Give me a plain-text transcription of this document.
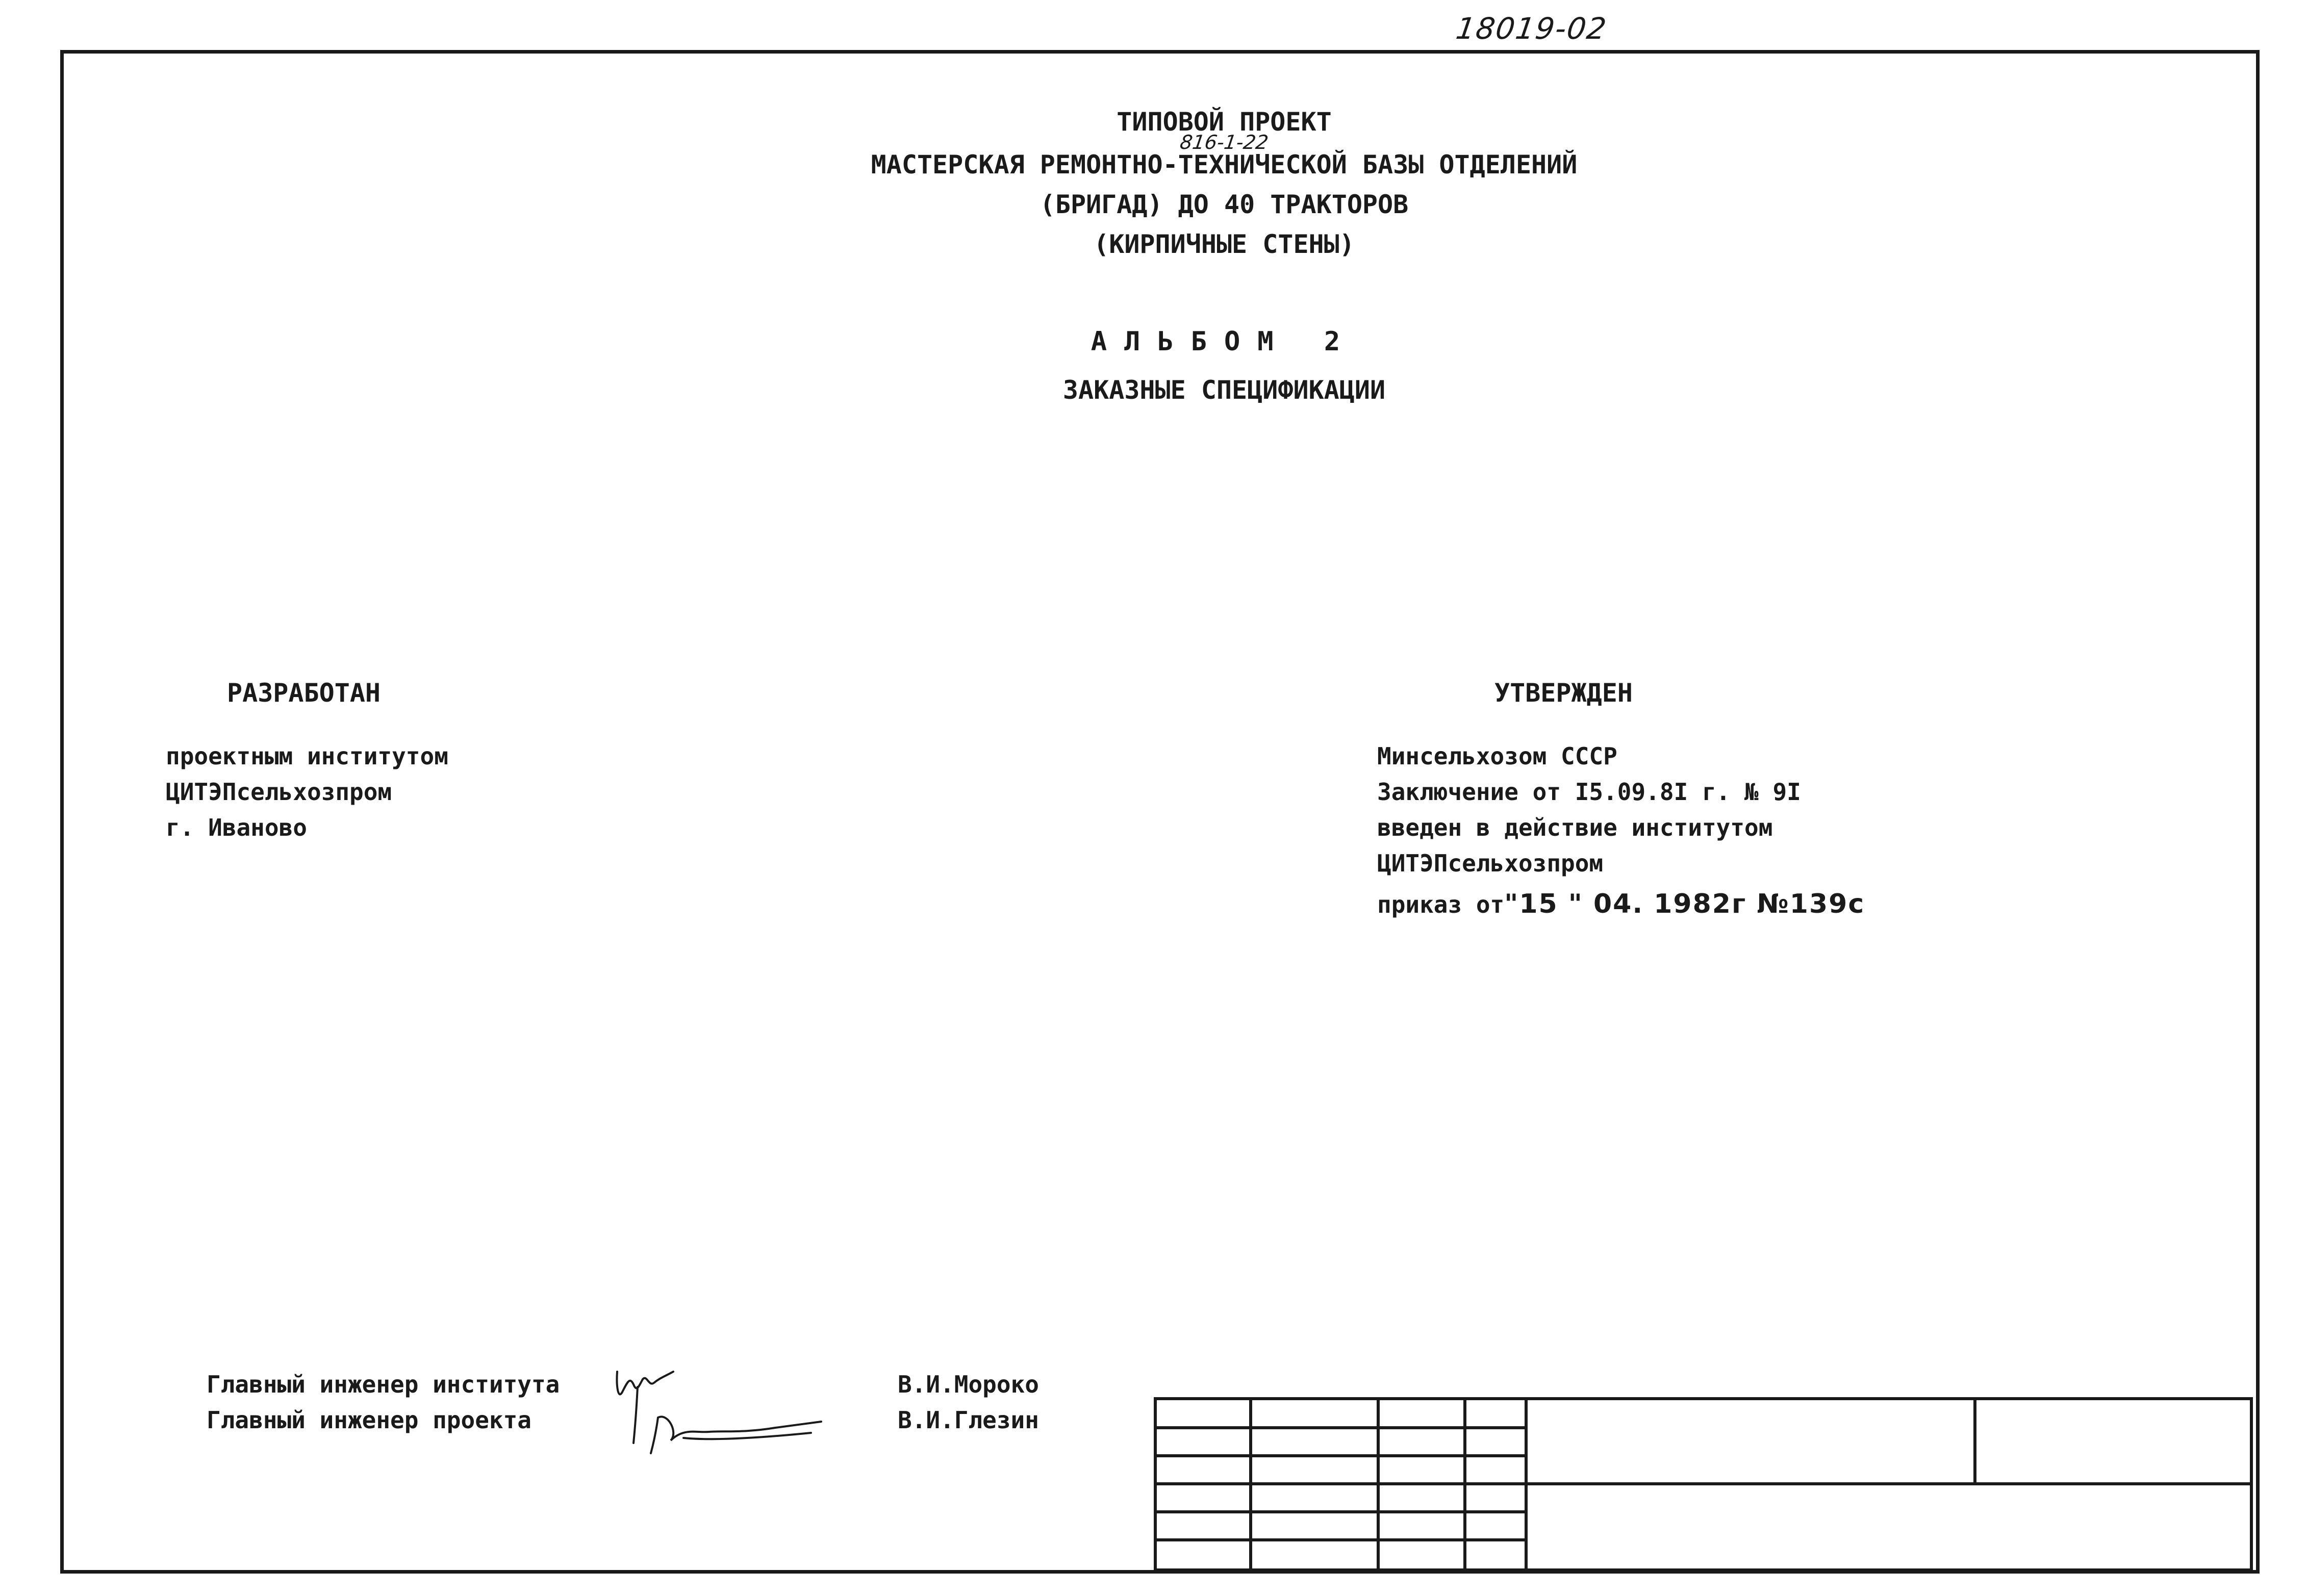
18019-02
ТИПОВОЙ ПРОЕКТ
816-1-22
МАСТЕРСКАЯ РЕМОНТНО-ТЕХНИЧЕСКОЙ БАЗЫ ОТДЕЛЕНИЙ
(БРИГАД) ДО 40 ТРАКТОРОВ
(КИРПИЧНЫЕ СТЕНЫ)
АЛЬБОМ 2
ЗАКАЗНЫЕ СПЕЦИФИКАЦИИ
РАЗРАБОТАН
проектным институтом
ЦИТЭПсельхозпром
г. Иваново
УТВЕРЖДЕН
Минсельхозом СССР
Заключение от I5.09.8I г. № 9I
введен в действие институтом
ЦИТЭПсельхозпром
приказ от"15 " 04. 1982г №139с
Главный инженер института
Главный инженер проекта
В.И.Мороко
В.И.Глезин
